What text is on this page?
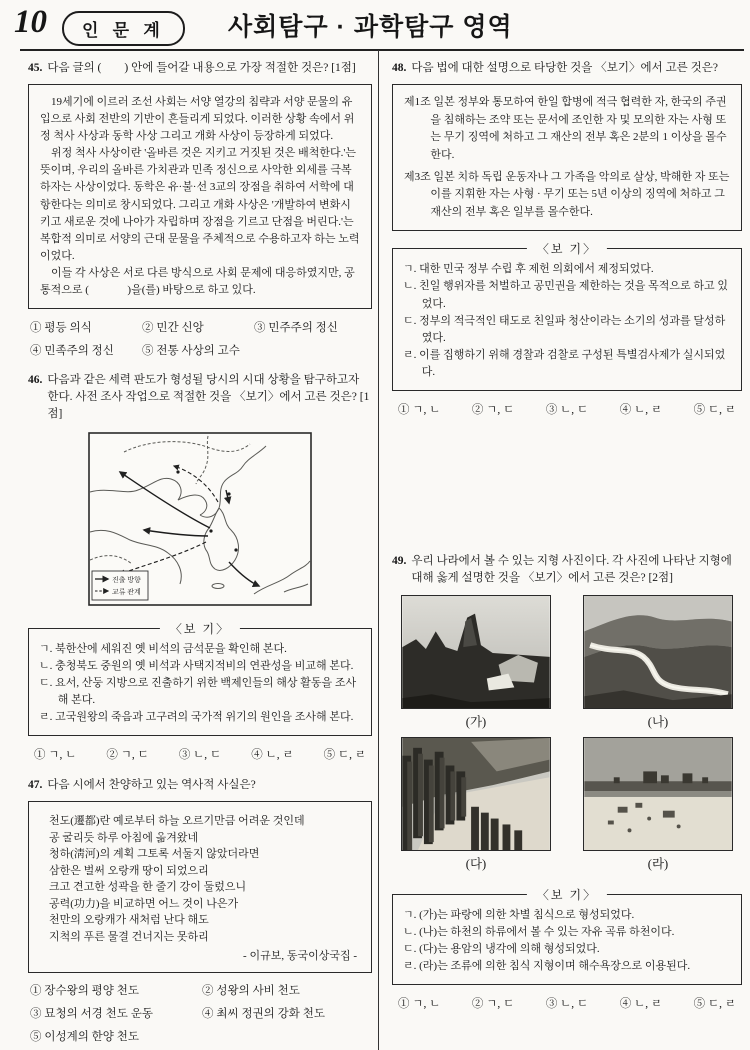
10	인 문 계	사회탐구 · 과학탐구 영역
45. 다음 글의 (        ) 안에 들어갈 내용으로 가장 적절한 것은? [1점]

19세기에 이르러 조선 사회는 서양 열강의 침략과 서양 문물의 유입으로 사회 전반의 기반이 흔들리게 되었다. 이러한 상황 속에서 위정 척사 사상과 동학 사상 그리고 개화 사상이 등장하게 되었다.

위정 척사 사상이란 '올바른 것은 지키고 거짓된 것은 배척한다.'는 뜻이며, 우리의 올바른 가치관과 민족 정신으로 사악한 외세를 극복하자는 사상이었다. 동학은 유·불·선 3교의 장점을 취하여 서학에 대항한다는 의미로 창시되었다. 그리고 개화 사상은 '개발하여 변화시키고 새로운 것에 나아가 자립하며 장점을 기르고 단점을 버린다.'는 복합적 의미로 서양의 근대 문물을 주체적으로 수용하고자 하는 노력이었다.

이들 각 사상은 서로 다른 방식으로 사회 문제에 대응하였지만, 공통적으로 (              )을(를) 바탕으로 하고 있다.

① 평등 의식	② 민간 신앙	③ 민주주의 정신
④ 민족주의 정신	⑤ 전통 사상의 고수
46. 다음과 같은 세력 판도가 형성될 당시의 시대 상황을 탐구하고자 한다. 사전 조사 작업으로 적절한 것을 〈보기〉에서 고른 것은? [1점]
진출 방향
교류 관계
〈보 기〉

ㄱ. 북한산에 세워진 옛 비석의 금석문을 확인해 본다.

ㄴ. 충청북도 중원의 옛 비석과 사택지적비의 연관성을 비교해 본다.

ㄷ. 요서, 산둥 지방으로 진출하기 위한 백제인들의 해상 활동을 조사해 본다.

ㄹ. 고국원왕의 죽음과 고구려의 국가적 위기의 원인을 조사해 본다.

① ㄱ, ㄴ	② ㄱ, ㄷ	③ ㄴ, ㄷ	④ ㄴ, ㄹ	⑤ ㄷ, ㄹ
47. 다음 시에서 찬양하고 있는 역사적 사실은?

천도(遷都)란 예로부터 하늘 오르기만큼 어려운 것인데

공 굴리듯 하루 아침에 옮겨왔네

청하(淸河)의 계획 그토록 서둘지 않았더라면

삼한은 벌써 오랑캐 땅이 되었으리

크고 견고한 성곽을 한 줄기 강이 둘렀으니

공력(功力)을 비교하면 어느 것이 나은가

천만의 오랑캐가 새처럼 난다 해도

지척의 푸른 물결 건너지는 못하리

- 이규보, 동국이상국집 -

① 장수왕의 평양 천도	② 성왕의 사비 천도
③ 묘청의 서경 천도 운동	④ 최씨 정권의 강화 천도
⑤ 이성계의 한양 천도
48. 다음 법에 대한 설명으로 타당한 것을 〈보기〉에서 고른 것은?

제1조 일본 정부와 통모하여 한일 합병에 적극 협력한 자, 한국의 주권을 침해하는 조약 또는 문서에 조인한 자 및 모의한 자는 사형 또는 무기 징역에 처하고 그 재산의 전부 혹은 2분의 1 이상을 몰수한다.

제3조 일본 치하 독립 운동자나 그 가족을 악의로 살상, 박해한 자 또는 이를 지휘한 자는 사형 · 무기 또는 5년 이상의 징역에 처하고 그 재산의 전부 혹은 일부를 몰수한다.

〈보 기〉

ㄱ. 대한 민국 정부 수립 후 제헌 의회에서 제정되었다.

ㄴ. 친일 행위자를 처벌하고 공민권을 제한하는 것을 목적으로 하고 있었다.

ㄷ. 정부의 적극적인 태도로 친일파 청산이라는 소기의 성과를 달성하였다.

ㄹ. 이를 집행하기 위해 경찰과 검찰로 구성된 특별검사제가 실시되었다.

① ㄱ, ㄴ	② ㄱ, ㄷ	③ ㄴ, ㄷ	④ ㄴ, ㄹ	⑤ ㄷ, ㄹ
49. 우리 나라에서 볼 수 있는 지형 사진이다. 각 사진에 나타난 지형에  대해 옳게 설명한 것을 〈보기〉에서 고른 것은? [2점]
(가)	(나)
(다)	(라)
〈보 기〉

ㄱ. (가)는 파랑에 의한 차별 침식으로 형성되었다.

ㄴ. (나)는 하천의 하류에서 볼 수 있는 자유 곡류 하천이다.

ㄷ. (다)는 용암의 냉각에 의해 형성되었다.

ㄹ. (라)는 조류에 의한 침식 지형이며 해수욕장으로 이용된다.

① ㄱ, ㄴ	② ㄱ, ㄷ	③ ㄴ, ㄷ	④ ㄴ, ㄹ	⑤ ㄷ, ㄹ
